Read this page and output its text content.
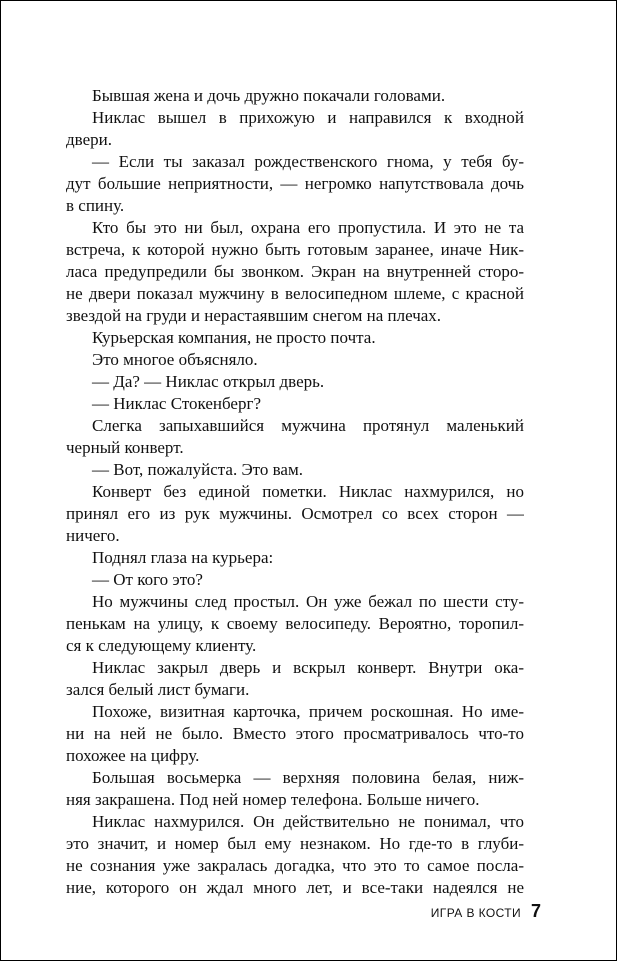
Бывшая жена и дочь дружно покачали головами.
Никлас вышел в прихожую и направился к входной
двери.
— Если ты заказал рождественского гнома, у тебя бу-
дут большие неприятности, — негромко напутствовала дочь
в спину.
Кто бы это ни был, охрана его пропустила. И это не та
встреча, к которой нужно быть готовым заранее, иначе Ник-
ласа предупредили бы звонком. Экран на внутренней сторо-
не двери показал мужчину в велосипедном шлеме, с красной
звездой на груди и нерастаявшим снегом на плечах.
Курьерская компания, не просто почта.
Это многое объясняло.
— Да? — Никлас открыл дверь.
— Никлас Стокенберг?
Слегка запыхавшийся мужчина протянул маленький
черный конверт.
— Вот, пожалуйста. Это вам.
Конверт без единой пометки. Никлас нахмурился, но
принял его из рук мужчины. Осмотрел со всех сторон —
ничего.
Поднял глаза на курьера:
— От кого это?
Но мужчины след простыл. Он уже бежал по шести сту-
пенькам на улицу, к своему велосипеду. Вероятно, торопил-
ся к следующему клиенту.
Никлас закрыл дверь и вскрыл конверт. Внутри ока-
зался белый лист бумаги.
Похоже, визитная карточка, причем роскошная. Но име-
ни на ней не было. Вместо этого просматривалось что-то
похожее на цифру.
Большая восьмерка — верхняя половина белая, ниж-
няя закрашена. Под ней номер телефона. Больше ничего.
Никлас нахмурился. Он действительно не понимал, что
это значит, и номер был ему незнаком. Но где-то в глуби-
не сознания уже закралась догадка, что это то самое посла-
ние, которого он ждал много лет, и все-таки надеялся не
ИГРА В КОСТИ 7
